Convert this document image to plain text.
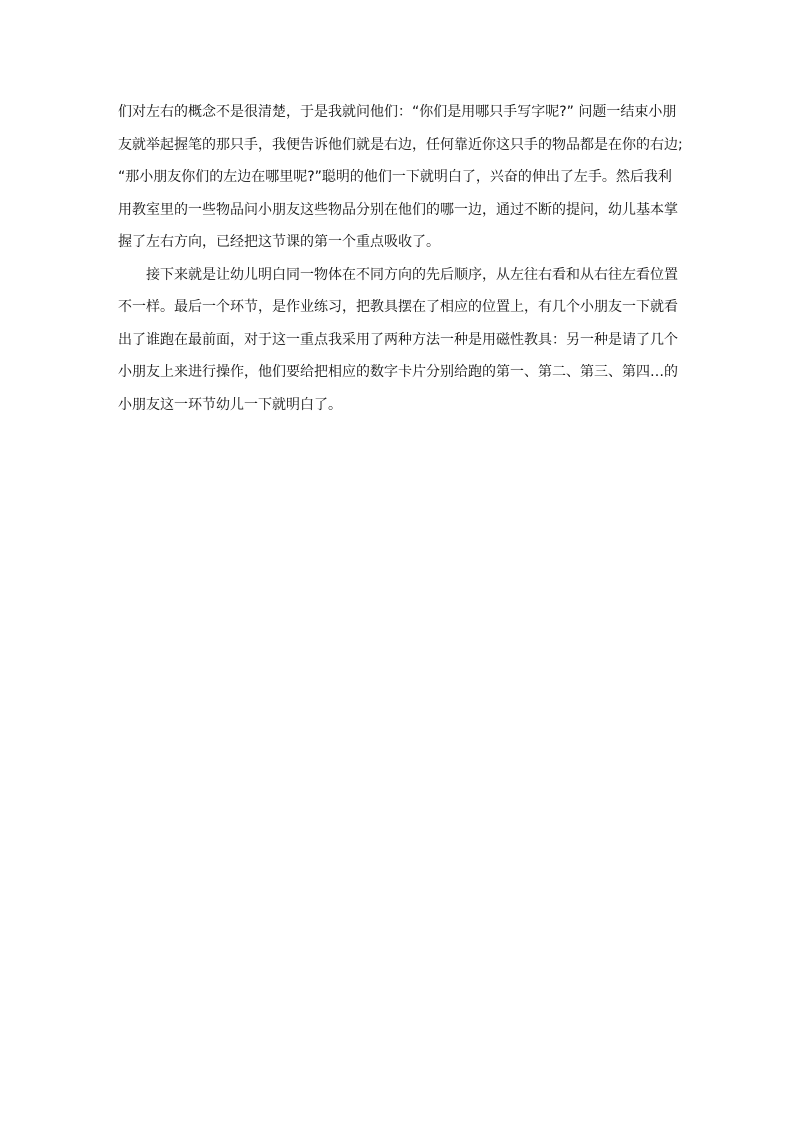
们对左右的概念不是很清楚，于是我就问他们：“你们是用哪只手写字呢?” 问题一结束小朋
友就举起握笔的那只手，我便告诉他们就是右边，任何靠近你这只手的物品都是在你的右边;
“那小朋友你们的左边在哪里呢?”聪明的他们一下就明白了，兴奋的伸出了左手。然后我利
用教室里的一些物品问小朋友这些物品分别在他们的哪一边，通过不断的提问，幼儿基本掌
握了左右方向，已经把这节课的第一个重点吸收了。
接下来就是让幼儿明白同一物体在不同方向的先后顺序，从左往右看和从右往左看位置
不一样。最后一个环节，是作业练习，把教具摆在了相应的位置上，有几个小朋友一下就看
出了谁跑在最前面，对于这一重点我采用了两种方法一种是用磁性教具：另一种是请了几个
小朋友上来进行操作，他们要给把相应的数字卡片分别给跑的第一、第二、第三、第四…的
小朋友这一环节幼儿一下就明白了。
